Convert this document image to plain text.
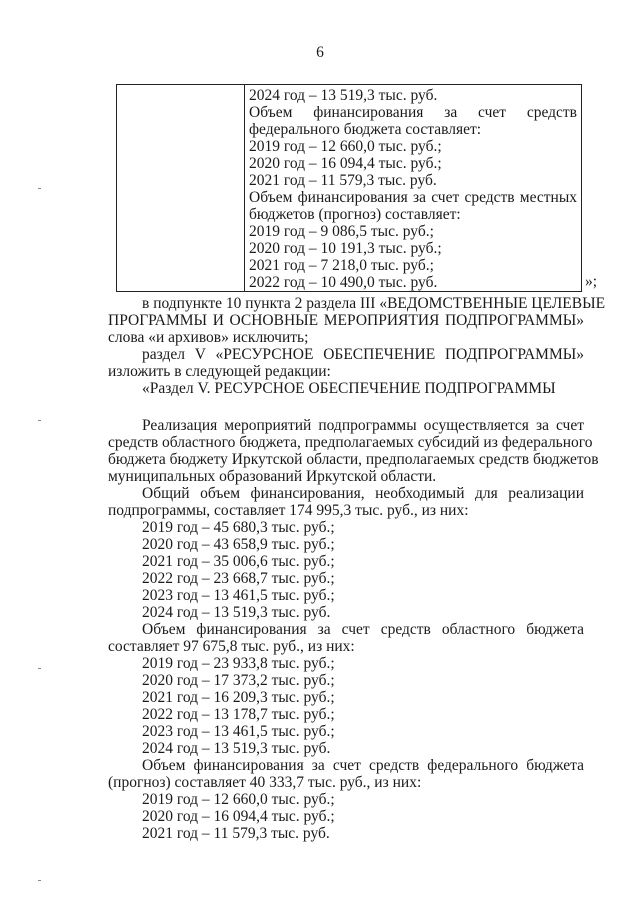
6
2024 год – 13 519,3 тыс. руб.
Объем финансирования за счет средств
федерального бюджета составляет:
2019 год – 12 660,0 тыс. руб.;
2020 год – 16 094,4 тыс. руб.;
2021 год – 11 579,3 тыс. руб.
Объем финансирования за счет средств местных
бюджетов (прогноз) составляет:
2019 год – 9 086,5 тыс. руб.;
2020 год – 10 191,3 тыс. руб.;
2021 год – 7 218,0 тыс. руб.;
2022 год – 10 490,0 тыс. руб.	»;
в подпункте 10 пункта 2 раздела III «ВЕДОМСТВЕННЫЕ ЦЕЛЕВЫЕ
ПРОГРАММЫ И ОСНОВНЫЕ МЕРОПРИЯТИЯ ПОДПРОГРАММЫ»
слова «и архивов» исключить;
раздел V «РЕСУРСНОЕ ОБЕСПЕЧЕНИЕ ПОДПРОГРАММЫ»
изложить в следующей редакции:
«Раздел V. РЕСУРСНОЕ ОБЕСПЕЧЕНИЕ ПОДПРОГРАММЫ
Реализация мероприятий подпрограммы осуществляется за счет
средств областного бюджета, предполагаемых субсидий из федерального
бюджета бюджету Иркутской области, предполагаемых средств бюджетов
муниципальных образований Иркутской области.
Общий объем финансирования, необходимый для реализации
подпрограммы, составляет 174 995,3 тыс. руб., из них:
2019 год – 45 680,3 тыс. руб.;
2020 год – 43 658,9 тыс. руб.;
2021 год – 35 006,6 тыс. руб.;
2022 год – 23 668,7 тыс. руб.;
2023 год – 13 461,5 тыс. руб.;
2024 год – 13 519,3 тыс. руб.
Объем финансирования за счет средств областного бюджета
составляет 97 675,8 тыс. руб., из них:
2019 год – 23 933,8 тыс. руб.;
2020 год – 17 373,2 тыс. руб.;
2021 год – 16 209,3 тыс. руб.;
2022 год – 13 178,7 тыс. руб.;
2023 год – 13 461,5 тыс. руб.;
2024 год – 13 519,3 тыс. руб.
Объем финансирования за счет средств федерального бюджета
(прогноз) составляет 40 333,7 тыс. руб., из них:
2019 год – 12 660,0 тыс. руб.;
2020 год – 16 094,4 тыс. руб.;
2021 год – 11 579,3 тыс. руб.
